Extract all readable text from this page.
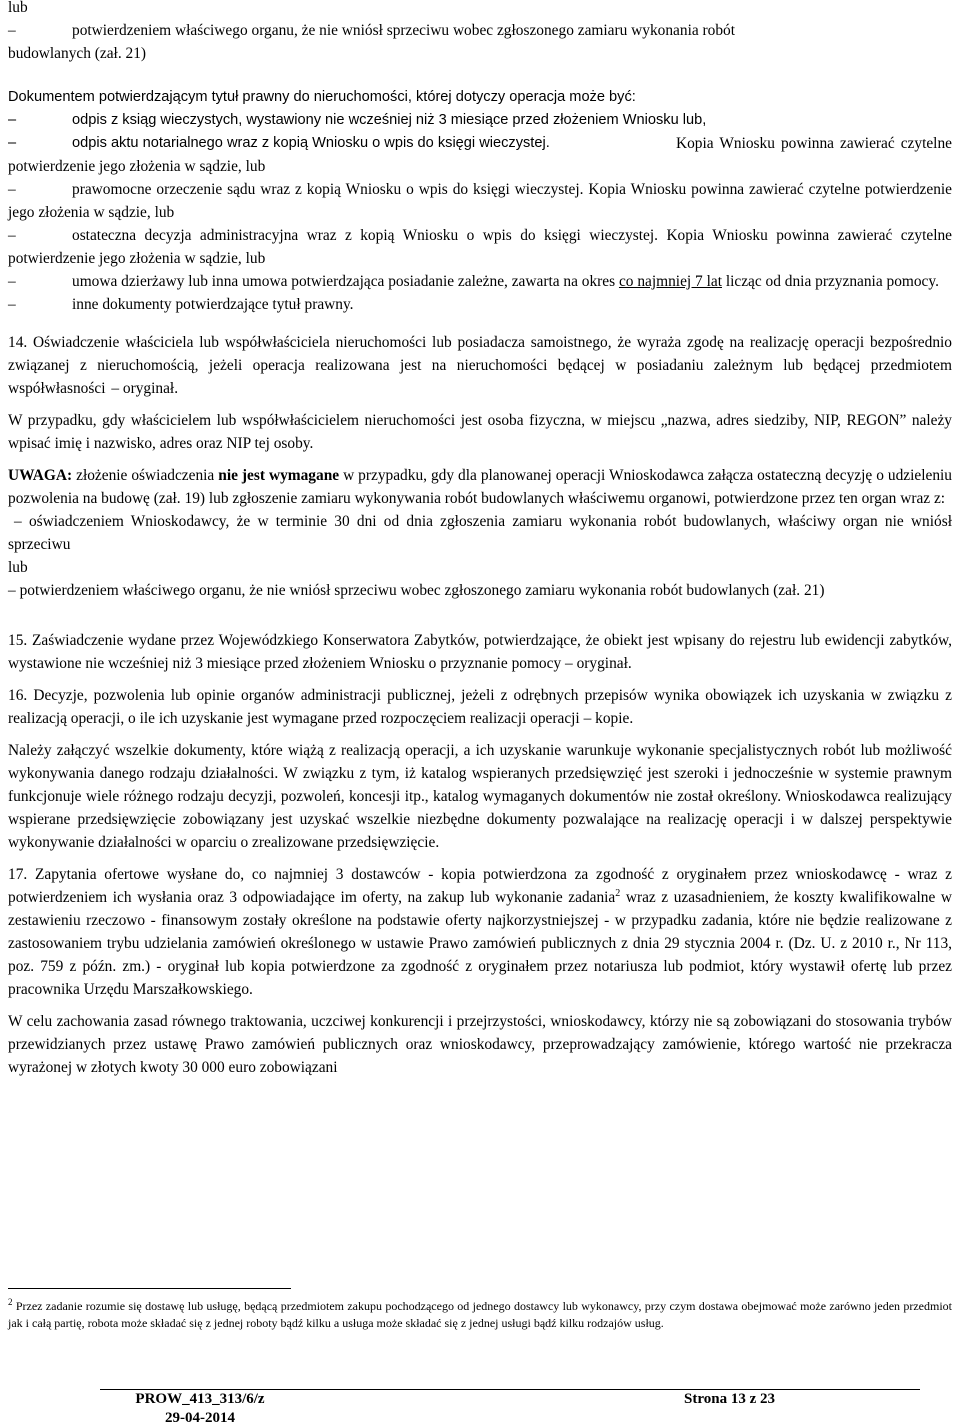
lub

–
potwierdzeniem właściwego organu, że nie wniósł sprzeciwu wobec zgłoszonego zamiaru wykonania robót

budowlanych (zał. 21)

Dokumentem potwierdzającym tytuł prawny do nieruchomości, której dotyczy operacja może być:

–
odpis z ksiąg wieczystych, wystawiony nie wcześniej niż 3 miesiące przed złożeniem Wniosku lub,
–
odpis aktu notarialnego wraz z kopią Wniosku o wpis do księgi wieczystej.	Kopia Wniosku powinna zawierać czytelne potwierdzenie jego złożenia w sądzie, lub

–
prawomocne orzeczenie sądu wraz z kopią Wniosku o wpis do księgi wieczystej. Kopia Wniosku powinna zawierać czytelne potwierdzenie jego złożenia w sądzie, lub
–
ostateczna decyzja administracyjna wraz z kopią Wniosku o wpis do księgi wieczystej. Kopia Wniosku powinna zawierać czytelne potwierdzenie jego złożenia w sądzie, lub
–
umowa dzierżawy lub inna umowa potwierdzająca posiadanie zależne, zawarta na okres co najmniej 7 lat licząc od dnia przyznania pomocy.
–
inne dokumenty potwierdzające tytuł prawny.

14. Oświadczenie właściciela lub współwłaściciela nieruchomości lub posiadacza samoistnego, że wyraża zgodę na realizację operacji bezpośrednio związanej z nieruchomością, jeżeli operacja realizowana jest na nieruchomości będącej w posiadaniu zależnym lub będącej przedmiotem współwłasności – oryginał.

W przypadku, gdy właścicielem lub współwłaścicielem nieruchomości jest osoba fizyczna, w miejscu „nazwa, adres siedziby, NIP, REGON” należy wpisać imię i nazwisko, adres oraz NIP tej osoby.

UWAGA: złożenie oświadczenia nie jest wymagane w przypadku, gdy dla planowanej operacji Wnioskodawca załącza ostateczną decyzję o udzieleniu pozwolenia na budowę (zał. 19) lub zgłoszenie zamiaru wykonywania robót budowlanych właściwemu organowi, potwierdzone przez ten organ wraz z:

– oświadczeniem Wnioskodawcy, że w terminie 30 dni od dnia zgłoszenia zamiaru wykonania robót budowlanych, właściwy organ nie wniósł sprzeciwu

lub

– potwierdzeniem właściwego organu, że nie wniósł sprzeciwu wobec zgłoszonego zamiaru wykonania robót budowlanych (zał. 21)

15. Zaświadczenie wydane przez Wojewódzkiego Konserwatora Zabytków, potwierdzające, że obiekt jest wpisany do rejestru lub ewidencji zabytków, wystawione nie wcześniej niż 3 miesiące przed złożeniem Wniosku o przyznanie pomocy – oryginał.

16. Decyzje, pozwolenia lub opinie organów administracji publicznej, jeżeli z odrębnych przepisów wynika obowiązek ich uzyskania w związku z realizacją operacji, o ile ich uzyskanie jest wymagane przed rozpoczęciem realizacji operacji – kopie.

Należy załączyć wszelkie dokumenty, które wiążą z realizacją operacji, a ich uzyskanie warunkuje wykonanie specjalistycznych robót lub możliwość wykonywania danego rodzaju działalności. W związku z tym, iż katalog wspieranych przedsięwzięć jest szeroki i jednocześnie w systemie prawnym funkcjonuje wiele różnego rodzaju decyzji, pozwoleń, koncesji itp., katalog wymaganych dokumentów nie został określony. Wnioskodawca realizujący wspierane przedsięwzięcie zobowiązany jest uzyskać wszelkie niezbędne dokumenty pozwalające na realizację operacji i w dalszej perspektywie wykonywanie działalności w oparciu o zrealizowane przedsięwzięcie.

17. Zapytania ofertowe wysłane do, co najmniej 3 dostawców - kopia potwierdzona za zgodność z oryginałem przez wnioskodawcę - wraz z potwierdzeniem ich wysłania oraz 3 odpowiadające im oferty, na zakup lub wykonanie zadania$^2$ wraz z uzasadnieniem, że koszty kwalifikowalne w zestawieniu rzeczowo - finansowym zostały określone na podstawie oferty najkorzystniejszej - w przypadku zadania, które nie będzie realizowane z zastosowaniem trybu udzielania zamówień określonego w ustawie Prawo zamówień publicznych z dnia 29 stycznia 2004 r. (Dz. U. z 2010 r., Nr 113, poz. 759 z późn. zm.) - oryginał lub kopia potwierdzone za zgodność z oryginałem przez notariusza lub podmiot, który wystawił ofertę lub przez pracownika Urzędu Marszałkowskiego.

W celu zachowania zasad równego traktowania, uczciwej konkurencji i przejrzystości, wnioskodawcy, którzy nie są zobowiązani do stosowania trybów przewidzianych przez ustawę Prawo zamówień publicznych oraz wnioskodawcy, przeprowadzający zamówienie, którego wartość nie przekracza wyrażonej w złotych kwoty 30 000 euro zobowiązani

$^2$ Przez zadanie rozumie się dostawę lub usługę, będącą przedmiotem zakupu pochodzącego od jednego dostawcy lub wykonawcy, przy czym dostawa obejmować może zarówno jeden przedmiot jak i całą partię, robota może składać się z jednej roboty bądź kilku a usługa może składać się z jednej usługi bądź kilku rodzajów usług.
PROW_413_313/6/z
29-04-2014
Strona 13 z 23
